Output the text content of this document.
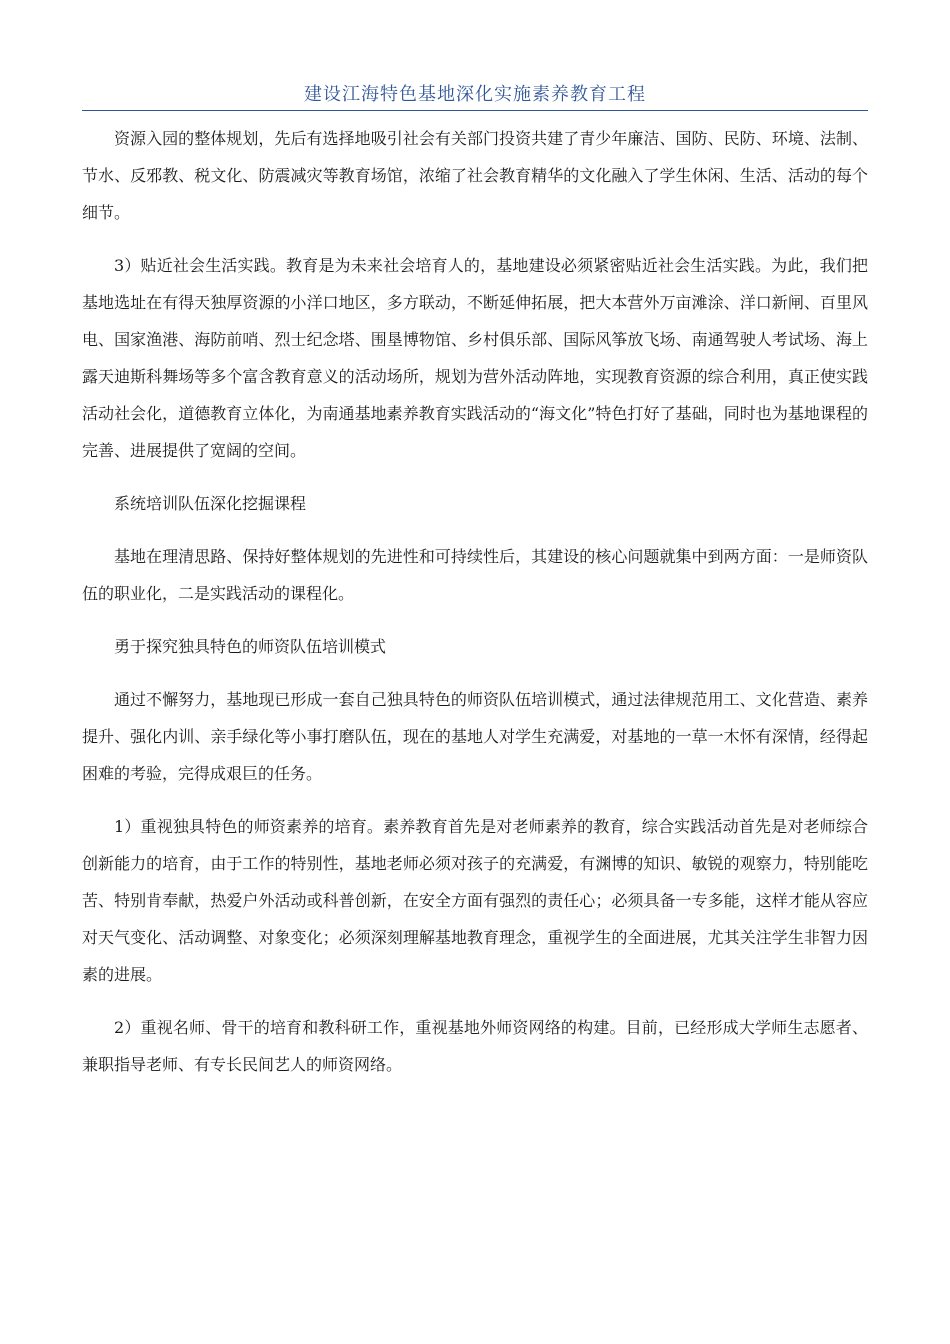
建设江海特色基地深化实施素养教育工程

资源入园的整体规划，先后有选择地吸引社会有关部门投资共建了青少年廉洁、国防、民防、环境、法制、节水、反邪教、税文化、防震减灾等教育场馆，浓缩了社会教育精华的文化融入了学生休闲、生活、活动的每个细节。

3）贴近社会生活实践。教育是为未来社会培育人的，基地建设必须紧密贴近社会生活实践。为此，我们把基地选址在有得天独厚资源的小洋口地区，多方联动，不断延伸拓展，把大本营外万亩滩涂、洋口新闸、百里风电、国家渔港、海防前哨、烈士纪念塔、围垦博物馆、乡村俱乐部、国际风筝放飞场、南通驾驶人考试场、海上露天迪斯科舞场等多个富含教育意义的活动场所，规划为营外活动阵地，实现教育资源的综合利用，真正使实践活动社会化，道德教育立体化，为南通基地素养教育实践活动的“海文化”特色打好了基础，同时也为基地课程的完善、进展提供了宽阔的空间。

系统培训队伍深化挖掘课程

基地在理清思路、保持好整体规划的先进性和可持续性后，其建设的核心问题就集中到两方面：一是师资队伍的职业化，二是实践活动的课程化。

勇于探究独具特色的师资队伍培训模式

通过不懈努力，基地现已形成一套自己独具特色的师资队伍培训模式，通过法律规范用工、文化营造、素养提升、强化内训、亲手绿化等小事打磨队伍，现在的基地人对学生充满爱，对基地的一草一木怀有深情，经得起困难的考验，完得成艰巨的任务。

1）重视独具特色的师资素养的培育。素养教育首先是对老师素养的教育，综合实践活动首先是对老师综合创新能力的培育，由于工作的特别性，基地老师必须对孩子的充满爱，有渊博的知识、敏锐的观察力，特别能吃苦、特别肯奉献，热爱户外活动或科普创新，在安全方面有强烈的责任心；必须具备一专多能，这样才能从容应对天气变化、活动调整、对象变化；必须深刻理解基地教育理念，重视学生的全面进展，尤其关注学生非智力因素的进展。

2）重视名师、骨干的培育和教科研工作，重视基地外师资网络的构建。目前，已经形成大学师生志愿者、兼职指导老师、有专长民间艺人的师资网络。
